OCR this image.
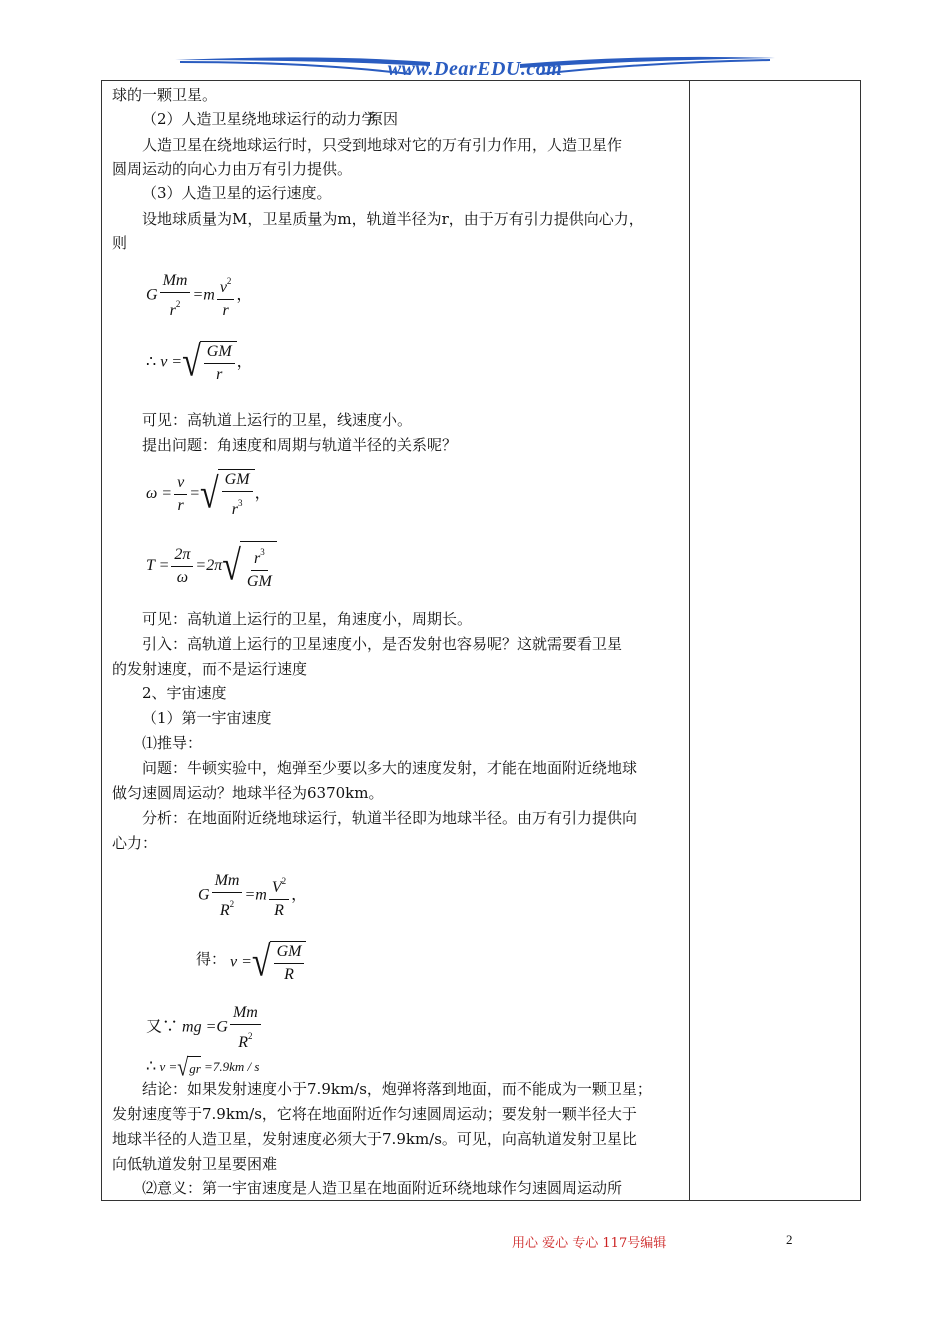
www.DearEDU.com
球的一颗卫星。
（2）人造卫星绕地球运行的动力学
原因
人造卫星在绕地球运行时，只受到地球对它的万有引力作用，人造卫星作
圆周运动的向心力由万有引力提供。
（3）人造卫星的运行速度。
设地球质量为M，卫星质量为m，轨道半径为r，由于万有引力提供向心力，
则
G $\frac{Mm}{r^2} =m \frac{v^2}{r}$ ，
∴ v = √ $\frac{GM}{r}$ ，
可见：高轨道上运行的卫星，线速度小。
提出问题：角速度和周期与轨道半径的关系呢？
$\omega = \frac{v}{r}$ = √ $\frac{GM}{r^3}$ ，
$T = \frac{2\pi}{\omega} =2\pi$ √ $\frac{r^3}{GM}$
可见：高轨道上运行的卫星，角速度小，周期长。
引入：高轨道上运行的卫星速度小，是否发射也容易呢？这就需要看卫星
的发射速度，而不是运行速度
2、宇宙速度
（1）第一宇宙速度
⑴推导：
问题：牛顿实验中，炮弹至少要以多大的速度发射，才能在地面附近绕地球
做匀速圆周运动？地球半径为6370km。
分析：在地面附近绕地球运行，轨道半径即为地球半径。由万有引力提供向
心力：
G $\frac{Mm}{R^2} =m \frac{V^2}{R}$ ，
得： v = √ $\frac{GM}{R}$
又∵ mg $=G \frac{Mm}{R^2}$
∴ v = √ gr =7.9km / s
结论：如果发射速度小于7.9km/s，炮弹将落到地面，而不能成为一颗卫星；
发射速度等于7.9km/s，它将在地面附近作匀速圆周运动；要发射一颗半径大于
地球半径的人造卫星，发射速度必须大于7.9km/s。可见，向高轨道发射卫星比
向低轨道发射卫星要困难
⑵意义：第一宇宙速度是人造卫星在地面附近环绕地球作匀速圆周运动所
用心 爱心 专心 117号编辑	2
